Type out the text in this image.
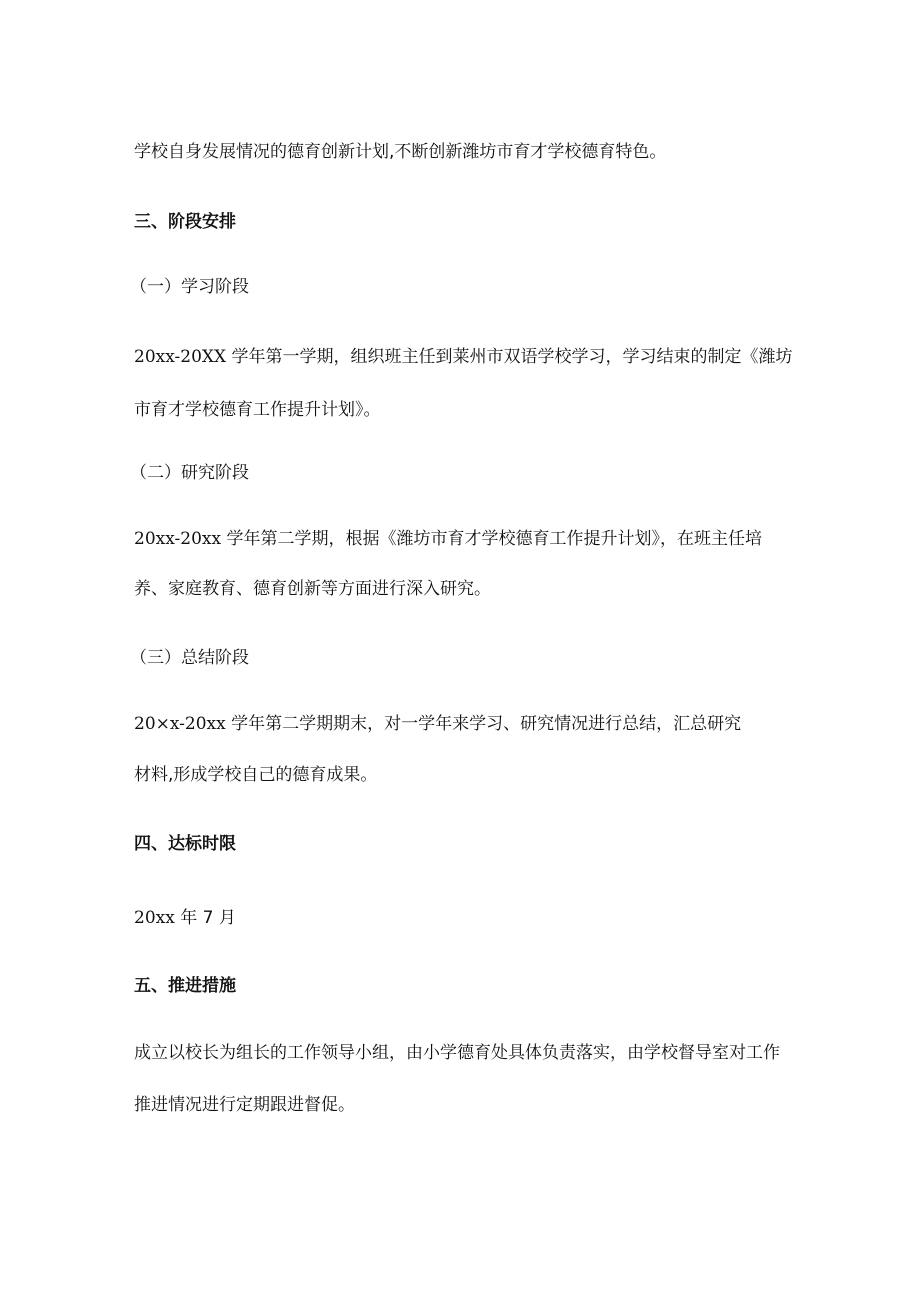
学校自身发展情况的德育创新计划,不断创新潍坊市育才学校德育特色。
三、阶段安排
（一）学习阶段
20xx-20XX 学年第一学期，组织班主任到莱州市双语学校学习，学习结束的制定《潍坊
市育才学校德育工作提升计划》。
（二）研究阶段
20xx-20xx 学年第二学期，根据《潍坊市育才学校德育工作提升计划》，在班主任培
养、家庭教育、德育创新等方面进行深入研究。
（三）总结阶段
20×x-20xx 学年第二学期期末，对一学年来学习、研究情况进行总结，汇总研究
材料,形成学校自己的德育成果。
四、达标时限
20xx 年 7 月
五、推进措施
成立以校长为组长的工作领导小组，由小学德育处具体负责落实，由学校督导室对工作
推进情况进行定期跟进督促。
